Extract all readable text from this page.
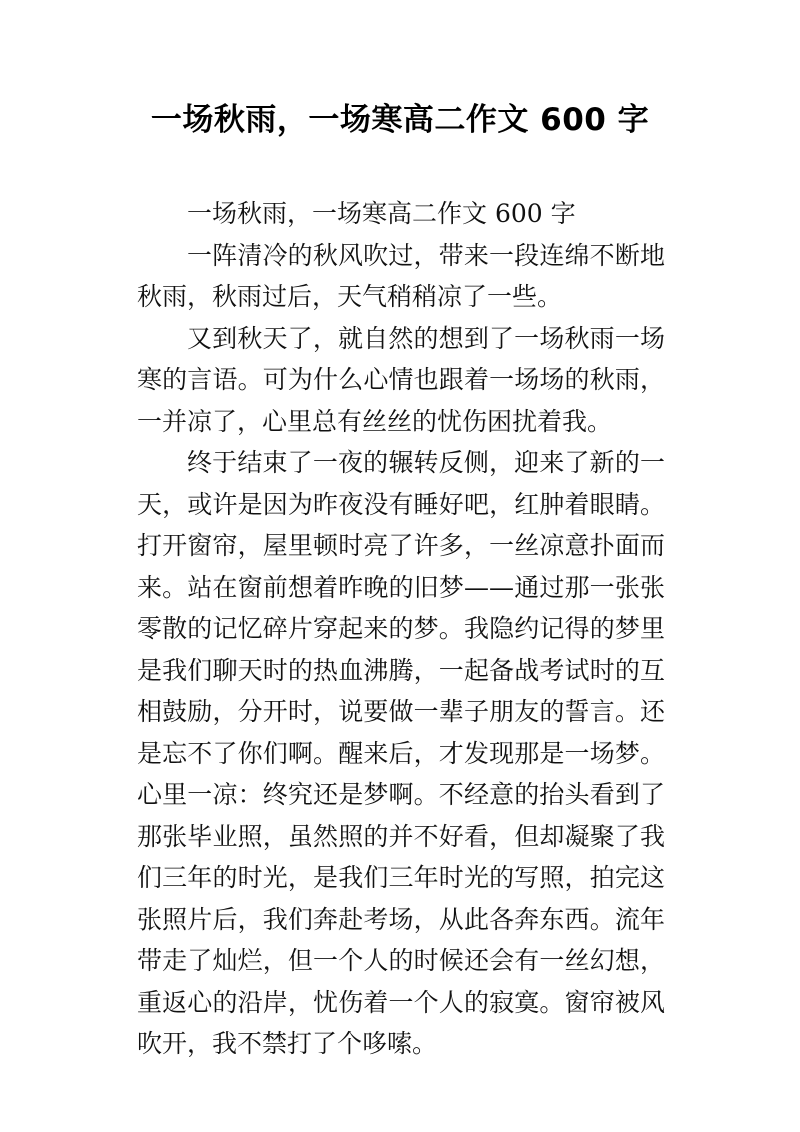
一场秋雨，一场寒高二作文 600 字

一场秋雨，一场寒高二作文 600 字

一阵清冷的秋风吹过，带来一段连绵不断地秋雨，秋雨过后，天气稍稍凉了一些。

又到秋天了，就自然的想到了一场秋雨一场寒的言语。可为什么心情也跟着一场场的秋雨，一并凉了，心里总有丝丝的忧伤困扰着我。

终于结束了一夜的辗转反侧，迎来了新的一天，或许是因为昨夜没有睡好吧，红肿着眼睛。打开窗帘，屋里顿时亮了许多，一丝凉意扑面而来。站在窗前想着昨晚的旧梦——通过那一张张零散的记忆碎片穿起来的梦。我隐约记得的梦里是我们聊天时的热血沸腾，一起备战考试时的互相鼓励，分开时，说要做一辈子朋友的誓言。还是忘不了你们啊。醒来后，才发现那是一场梦。心里一凉：终究还是梦啊。不经意的抬头看到了那张毕业照，虽然照的并不好看，但却凝聚了我们三年的时光，是我们三年时光的写照，拍完这张照片后，我们奔赴考场，从此各奔东西。流年带走了灿烂，但一个人的时候还会有一丝幻想，重返心的沿岸，忧伤着一个人的寂寞。窗帘被风吹开，我不禁打了个哆嗦。
